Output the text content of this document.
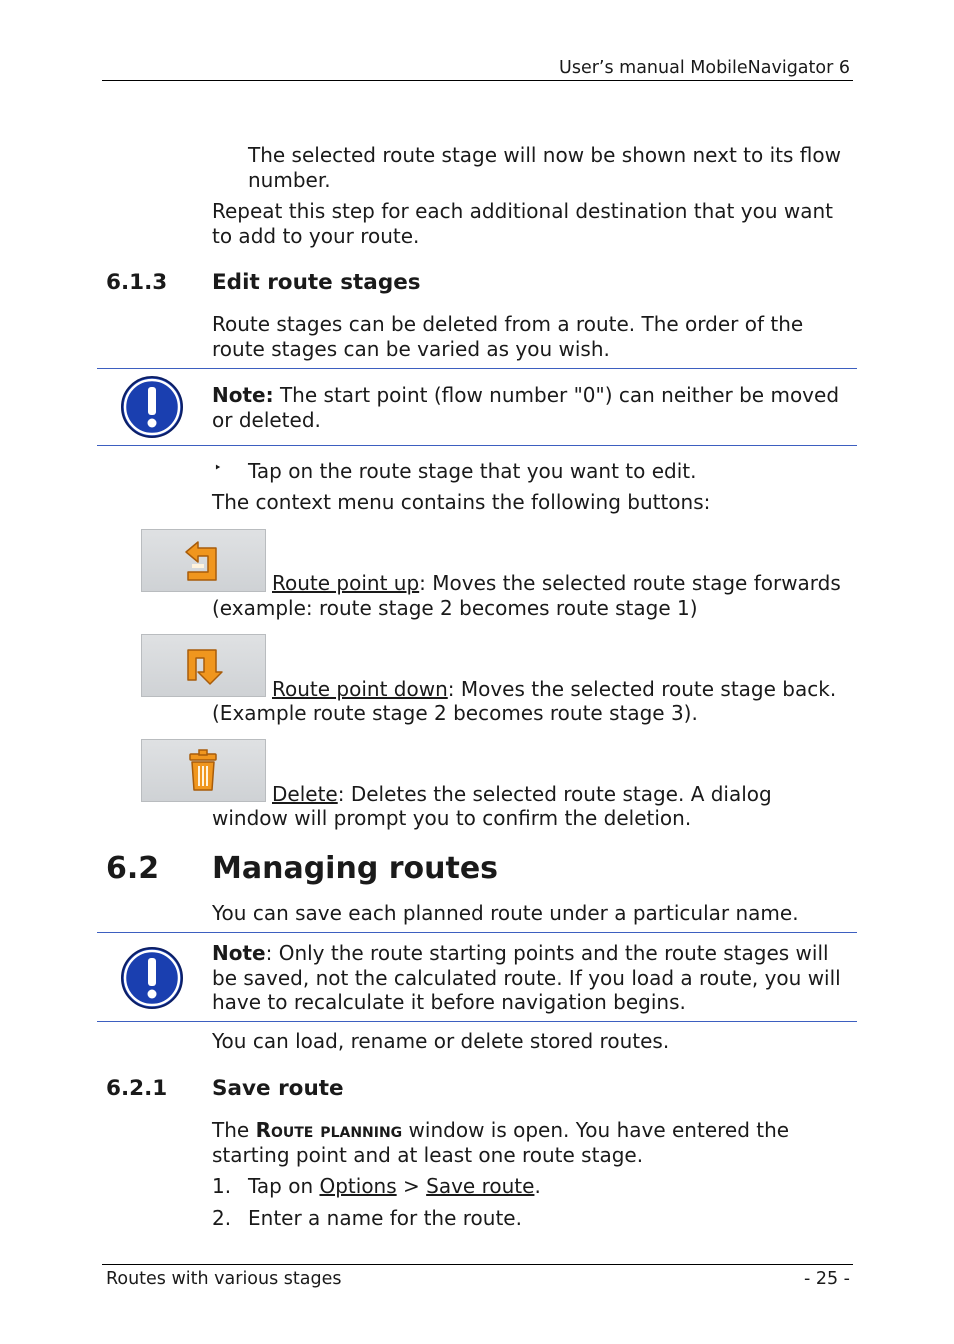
User’s manual MobileNavigator 6
The selected route stage will now be shown next to its flow number.
Repeat this step for each additional destination that you want to add to your route.
6.1.3 Edit route stages
Route stages can be deleted from a route. The order of the route stages can be varied as you wish.
Note: The start point (flow number "0") can neither be moved or deleted.
‣ Tap on the route stage that you want to edit.
The context menu contains the following buttons:
Route point up: Moves the selected route stage forwards
(example: route stage 2 becomes route stage 1)
Route point down: Moves the selected route stage back.
(Example route stage 2 becomes route stage 3).
Delete: Deletes the selected route stage. A dialog
window will prompt you to confirm the deletion.
6.2 Managing routes
You can save each planned route under a particular name.
Note: Only the route starting points and the route stages will be saved, not the calculated route. If you load a route, you will have to recalculate it before navigation begins.
You can load, rename or delete stored routes.
6.2.1 Save route
The Route planning window is open. You have entered the starting point and at least one route stage.
1. Tap on Options > Save route.
2. Enter a name for the route.
Routes with various stages	- 25 -
